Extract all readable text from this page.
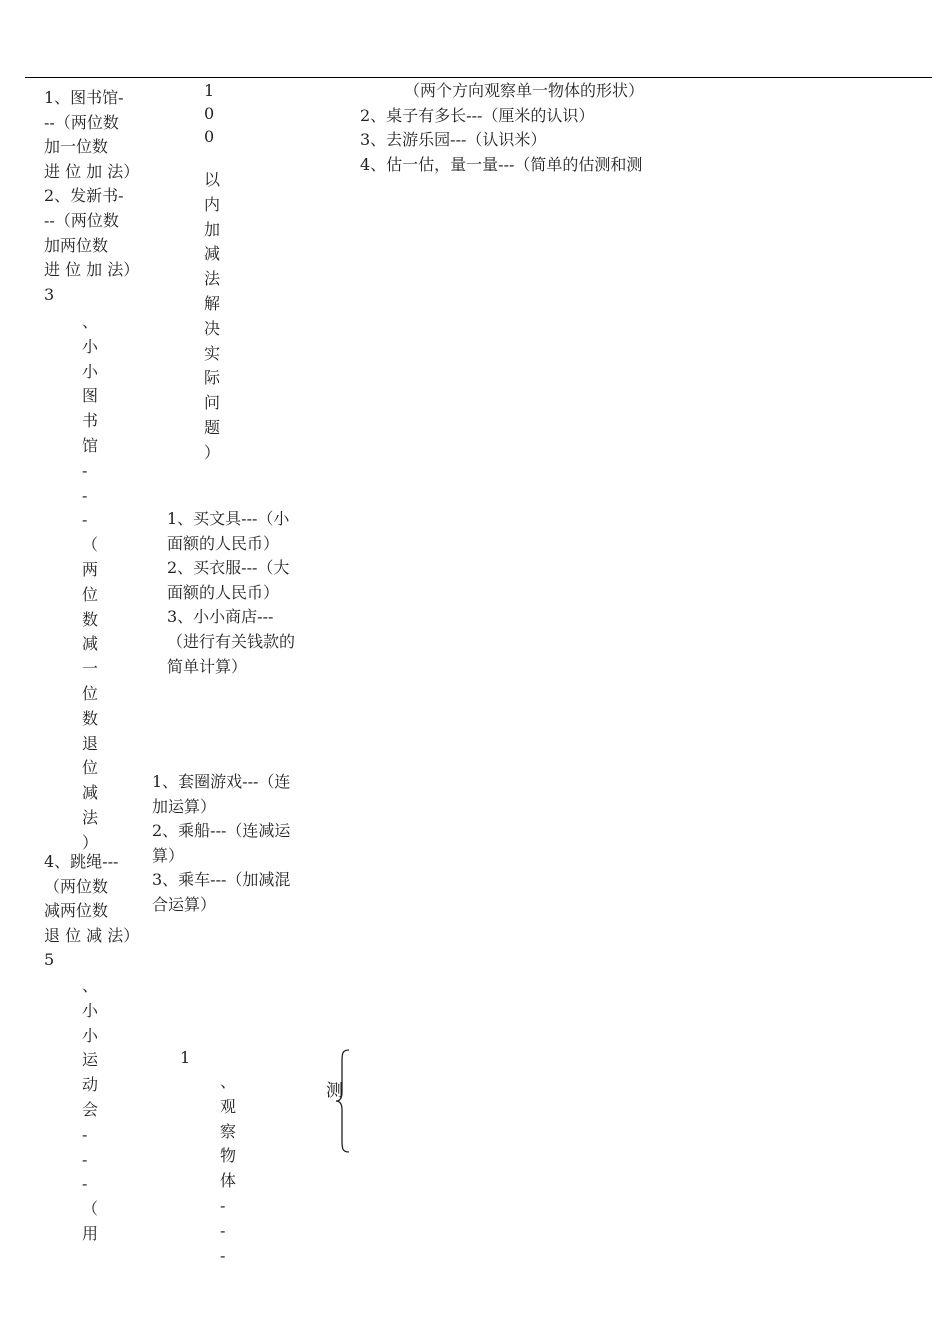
1、图书馆-
--（两位数
加一位数
进 位 加 法）
2、发新书-
--（两位数
加两位数
进 位 加 法）
3
、
小
小
图
书
馆
-
-
-
（
两
位
数
减
一
位
数
退
位
减
法
）
4、跳绳---
（两位数
减两位数
退 位 减 法）
5
、
小
小
运
动
会
-
-
-
（
用
1
0
0
以
内
加
减
法
解
决
实
际
问
题
）
1、买文具---（小
面额的人民币）
2、买衣服---（大
面额的人民币）
3、小小商店---
（进行有关钱款的
简单计算）
1、套圈游戏---（连
加运算）
2、乘船---（连减运
算）
3、乘车---（加减混
合运算）
1
、
观
察
物
体
-
-
-
测
（两个方向观察单一物体的形状）
2、桌子有多长---（厘米的认识）
3、去游乐园---（认识米）
4、估一估，量一量---（简单的估测和测
